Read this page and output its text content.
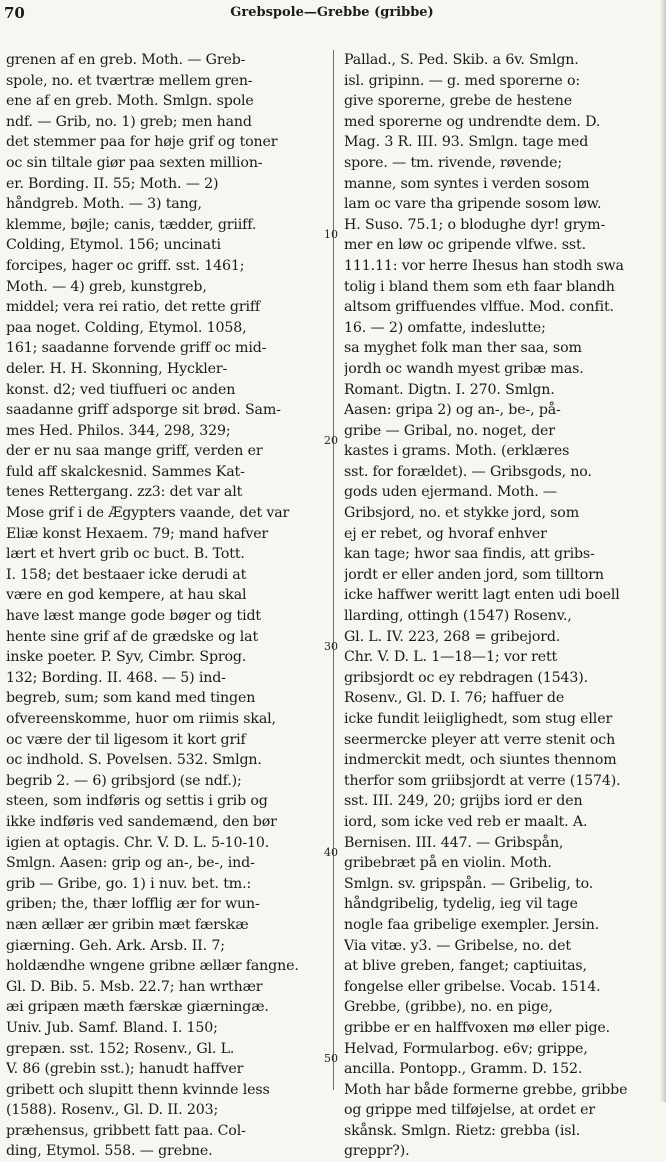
70	Grebspole—Grebbe (gribbe)
grenen af en greb. Moth. — Greb-
spole, no. et tværtræ mellem gren-
ene af en greb. Moth. Smlgn. spole
ndf. — Grib, no. 1) greb; men hand
det stemmer paa for høje grif og toner
oc sin tiltale giør paa sexten million-
er. Bording. II. 55; Moth. — 2)
håndgreb. Moth. — 3) tang,
klemme, bøjle; canis, tædder, griiff.
Colding, Etymol. 156; uncinati
forcipes, hager oc griff. sst. 1461;
Moth. — 4) greb, kunstgreb,
middel; vera rei ratio, det rette griff
paa noget. Colding, Etymol. 1058,
161; saadanne forvende griff oc mid-
deler. H. H. Skonning, Hyckler-
konst. d2; ved tiuffueri oc anden
saadanne griff adsporge sit brød. Sam-
mes Hed. Philos. 344, 298, 329;
der er nu saa mange griff, verden er
fuld aff skalckesnid. Sammes Kat-
tenes Rettergang. zz3: det var alt
Mose grif i de Ægypters vaande, det var
Eliæ konst Hexaem. 79; mand hafver
lært et hvert grib oc buct. B. Tott.
I. 158; det bestaaer icke derudi at
være en god kempere, at hau skal
have læst mange gode bøger og tidt
hente sine grif af de grædske og lat
inske poeter. P. Syv, Cimbr. Sprog.
132; Bording. II. 468. — 5) ind-
begreb, sum; som kand med tingen
ofvereenskomme, huor om riimis skal,
oc være der til ligesom it kort grif
oc indhold. S. Povelsen. 532. Smlgn.
begrib 2. — 6) gribsjord (se ndf.);
steen, som indføris og settis i grib og
ikke indføris ved sandemænd, den bør
igien at optagis. Chr. V. D. L. 5-10-10.
Smlgn. Aasen: grip og an-, be-, ind-
grib — Gribe, go. 1) i nuv. bet. tm.:
griben; the, thær lofflig ær for wun-
næn ællær ær gribin mæt færskæ
giærning. Geh. Ark. Arsb. II. 7;
holdændhe wngene gribne ællær fangne.
Gl. D. Bib. 5. Msb. 22.7; han wrthær
æi gripæn mæth færskæ giærningæ.
Univ. Jub. Samf. Bland. I. 150;
grepæn. sst. 152; Rosenv., Gl. L.
V. 86 (grebin sst.); hanudt haffver
gribett och slupitt thenn kvinnde less
(1588). Rosenv., Gl. D. II. 203;
præhensus, gribbett fatt paa. Col-
ding, Etymol. 558. — grebne.
Pallad., S. Ped. Skib. a 6v. Smlgn.
isl. gripinn. — g. med sporerne o:
give sporerne, grebe de hestene
med sporerne og undrendte dem. D.
Mag. 3 R. III. 93. Smlgn. tage med
spore. — tm. rivende, røvende;
manne, som syntes i verden sosom
lam oc vare tha gripende sosom løw.
H. Suso. 75.1; o blodughe dyr! grym-
mer en løw oc gripende vlfwe. sst.
111.11: vor herre Ihesus han stodh swa
tolig i bland them som eth faar blandh
altsom griffuendes vlffue. Mod. confit.
16. — 2) omfatte, indeslutte;
sa myghet folk man ther saa, som
jordh oc wandh myest gribæ mas.
Romant. Digtn. I. 270. Smlgn.
Aasen: gripa 2) og an-, be-, på-
gribe — Gribal, no. noget, der
kastes i grams. Moth. (erklæres
sst. for forældet). — Gribsgods, no.
gods uden ejermand. Moth. —
Gribsjord, no. et stykke jord, som
ej er rebet, og hvoraf enhver
kan tage; hwor saa findis, att gribs-
jordt er eller anden jord, som tilltorn
icke haffwer weritt lagt enten udi boell
llarding, ottingh (1547) Rosenv.,
Gl. L. IV. 223, 268 = gribejord.
Chr. V. D. L. 1—18—1; vor rett
gribsjordt oc ey rebdragen (1543).
Rosenv., Gl. D. I. 76; haffuer de
icke fundit leiiglighedt, som stug eller
seermercke pleyer att verre stenit och
indmerckit medt, och siuntes thennom
therfor som griibsjordt at verre (1574).
sst. III. 249, 20; grijbs iord er den
iord, som icke ved reb er maalt. A.
Bernisen. III. 447. — Gribspån,
gribebræt på en violin. Moth.
Smlgn. sv. gripspån. — Gribelig, to.
håndgribelig, tydelig, ieg vil tage
nogle faa gribelige exempler. Jersin.
Via vitæ. y3. — Gribelse, no. det
at blive greben, fanget; captiuitas,
fongelse eller gribelse. Vocab. 1514.
Grebbe, (gribbe), no. en pige,
gribbe er en halffvoxen mø eller pige.
Helvad, Formularbog. e6v; grippe,
ancilla. Pontopp., Gramm. D. 152.
Moth har både formerne grebbe, gribbe
og grippe med tilføjelse, at ordet er
skånsk. Smlgn. Rietz: grebba (isl.
greppr?).
10
20
30
40
50
